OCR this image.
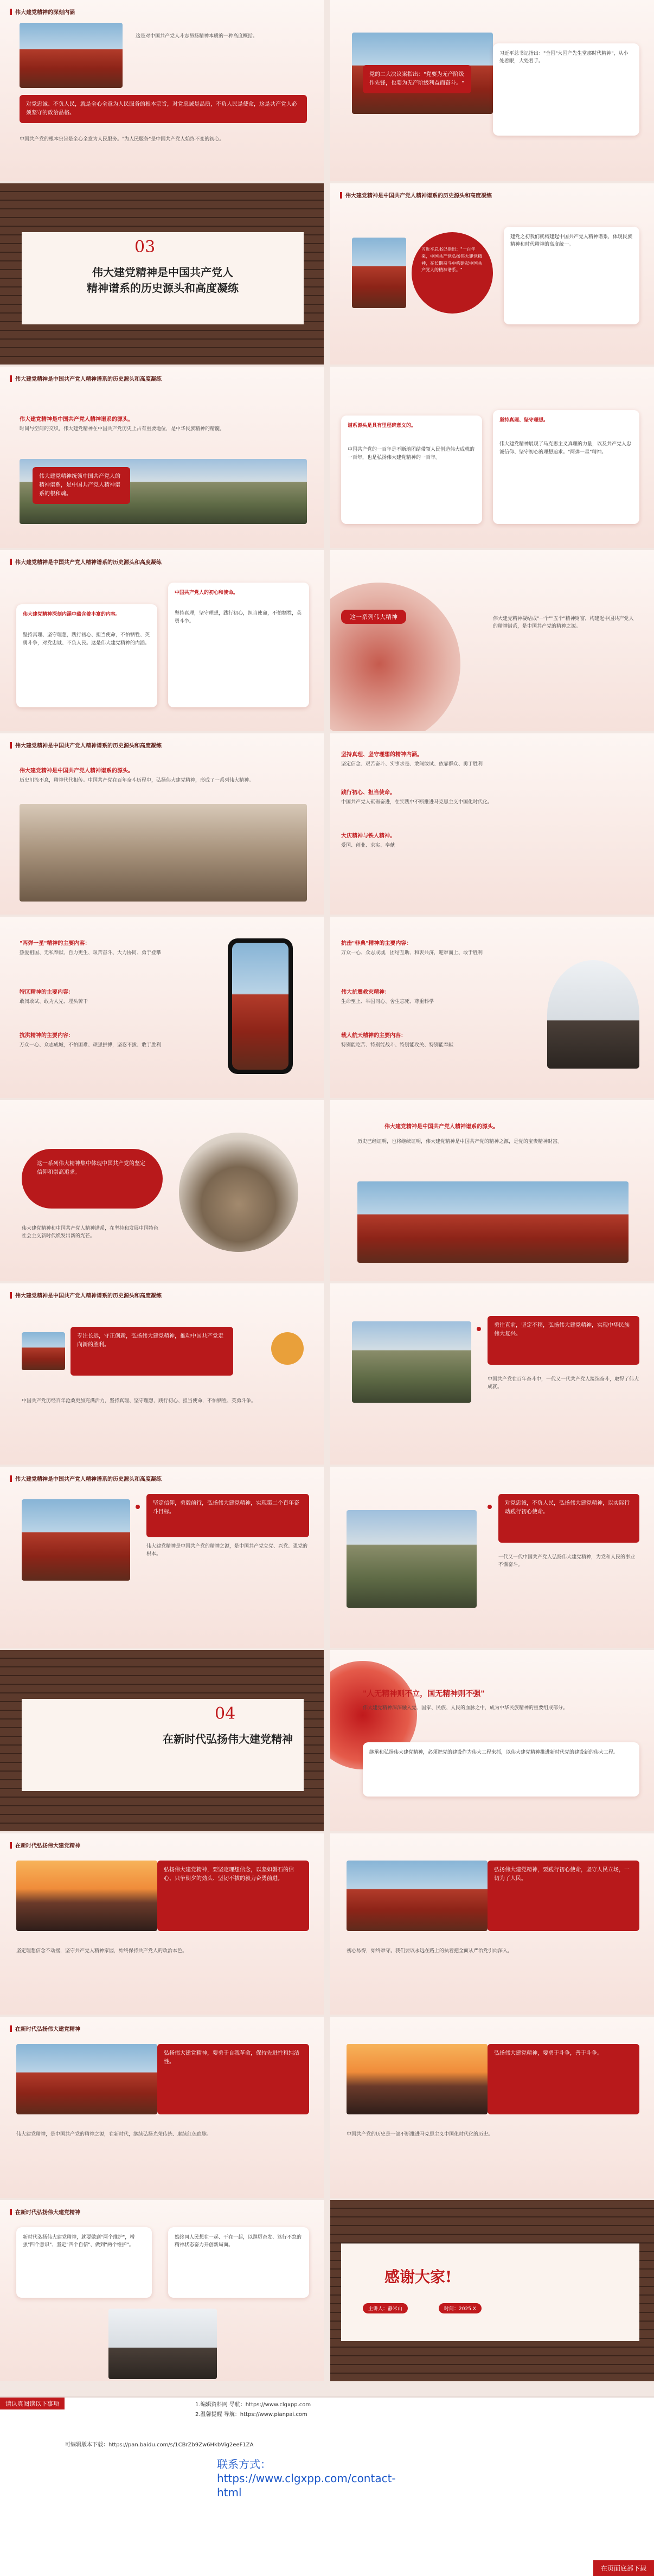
伟大建党精神的深刻内涵
这是对中国共产党人斗志昂扬精神本质的一种高度概括。
对党忠诚、不负人民，就是全心全意为人民服务的根本宗旨，对党忠诚是品质，不负人民是使命，这是共产党人必须坚守的政治品格。
中国共产党的根本宗旨是全心全意为人民服务。"为人民服务"是中国共产党人始终不变的初心。
党的二大决议案指出："党要为无产阶级作先锋，也要为无产阶级利益而奋斗。"
习近平总书记指出："全国"大国产先生堂那时代精神"，从小处着眼，大处着手。
03
伟大建党精神是中国共产党人
精神谱系的历史源头和高度凝练
伟大建党精神是中国共产党人精神谱系的历史源头和高度凝练
习近平总书记指出："一百年来，中国共产党弘扬伟大建党精神，在长期奋斗中构建起中国共产党人的精神谱系。"
建党之初我们就构建起中国共产党人精神谱系，体现民族精神和时代精神的高度统一。
伟大建党精神是中国共产党人精神谱系的历史源头和高度凝练
伟大建党精神是中国共产党人精神谱系的源头。
时间与空间的交织，伟大建党精神在中国共产党历史上占有重要地位，是中华民族精神的精髓。
伟大建党精神统领中国共产党人的精神谱系，是中国共产党人精神谱系的根和魂。
谱系源头是具有里程碑意义的。
中国共产党的一百年是不断地团结带领人民创造伟大成就的一百年，也是弘扬伟大建党精神的一百年。
坚持真理、坚守理想。
伟大建党精神展现了马克思主义真理的力量，以及共产党人忠诚信仰、坚守初心的理想追求。"两弹一星"精神。
伟大建党精神是中国共产党人精神谱系的历史源头和高度凝练
伟大建党精神深刻内涵中蕴含着丰富的内容。
坚持真理、坚守理想，践行初心、担当使命，不怕牺牲、英勇斗争，对党忠诚、不负人民。这是伟大建党精神的内涵。
中国共产党人的初心和使命。
坚持真理，坚守理想，践行初心，担当使命，不怕牺牲，英勇斗争。
这一系列伟大精神	伟大建党精神凝结成"一个""五个"精神财富，构建起中国共产党人的精神谱系，是中国共产党的精神之源。
伟大建党精神是中国共产党人精神谱系的历史源头和高度凝练
伟大建党精神是中国共产党人精神谱系的源头。
历史川流不息，精神代代相传。中国共产党在百年奋斗历程中，弘扬伟大建党精神，形成了一系列伟大精神。
坚持真理、坚守理想的精神内涵。
坚定信念、艰苦奋斗、实事求是、敢闯敢试、依靠群众、勇于胜利
践行初心、担当使命。
中国共产党人砥砺奋进，在实践中不断推进马克思主义中国化时代化。
大庆精神与铁人精神。
爱国、创业、求实、奉献
"两弹一星"精神的主要内容：
热爱祖国、无私奉献、自力更生、艰苦奋斗、大力协同、勇于登攀
特区精神的主要内容：
敢闯敢试、敢为人先、埋头苦干
抗洪精神的主要内容：
万众一心、众志成城，不怕困难、顽强拼搏，坚忍不拔、敢于胜利
抗击"非典"精神的主要内容：
万众一心、众志成城，团结互助、和衷共济，迎难而上、敢于胜利
伟大抗震救灾精神：
生命至上、举国同心、舍生忘死、尊重科学
载人航天精神的主要内容：
特别能吃苦、特别能战斗、特别能攻关、特别能奉献
这一系列伟大精神集中体现中国共产党的坚定信仰和崇高追求。
伟大建党精神和中国共产党人精神谱系，在坚持和发展中国特色社会主义新时代焕发出新的光芒。
伟大建党精神是中国共产党人精神谱系的源头。
历史已经证明，也将继续证明，伟大建党精神是中国共产党的精神之源，是党的宝贵精神财富。
伟大建党精神是中国共产党人精神谱系的历史源头和高度凝练
专注长远，守正创新，弘扬伟大建党精神，推动中国共产党走向新的胜利。
中国共产党历经百年沧桑更加充满活力，坚持真理、坚守理想，践行初心、担当使命，不怕牺牲、英勇斗争。
勇往直前，坚定不移，弘扬伟大建党精神，实现中华民族伟大复兴。
中国共产党在百年奋斗中，一代又一代共产党人接续奋斗，取得了伟大成就。
伟大建党精神是中国共产党人精神谱系的历史源头和高度凝练
坚定信仰，勇毅前行，弘扬伟大建党精神，实现第二个百年奋斗目标。
伟大建党精神是中国共产党的精神之源，是中国共产党立党、兴党、强党的根本。
对党忠诚，不负人民，弘扬伟大建党精神，以实际行动践行初心使命。
一代又一代中国共产党人弘扬伟大建党精神，为党和人民的事业不懈奋斗。
04
在新时代弘扬伟大建党精神
"人无精神则不立，国无精神则不强"
伟大建党精神深深融入党、国家、民族、人民的血脉之中，成为中华民族精神的重要组成部分。
继承和弘扬伟大建党精神，必须把党的建设作为伟大工程来抓，以伟大建党精神推进新时代党的建设新的伟大工程。
在新时代弘扬伟大建党精神
弘扬伟大建党精神，要坚定理想信念，以坚如磐石的信心、只争朝夕的劲头、坚韧不拔的毅力奋勇前进。
坚定理想信念不动摇，坚守共产党人精神家园，始终保持共产党人的政治本色。
弘扬伟大建党精神，要践行初心使命，坚守人民立场，一切为了人民。
初心易得，始终难守。我们要以永远在路上的执着把全面从严治党引向深入。
在新时代弘扬伟大建党精神
弘扬伟大建党精神，要勇于自我革命，保持先进性和纯洁性。
伟大建党精神，是中国共产党的精神之源，在新时代，继续弘扬光荣传统、赓续红色血脉。
弘扬伟大建党精神，要勇于斗争，善于斗争。
中国共产党的历史是一部不断推进马克思主义中国化时代化的历史。
在新时代弘扬伟大建党精神
新时代弘扬伟大建党精神，就要做到"两个维护"，增强"四个意识"、坚定"四个自信"、做到"两个维护"。
始终同人民想在一起、干在一起，以踔厉奋发、笃行不怠的精神状态奋力开创新局面。
感谢大家!
主讲人：静米山	时间：2025.X
请认真阅读以下事项	1.编辑资料网 导航：https://www.clgxpp.com
2.温馨提醒 导航：https://www.pianpai.com
可编辑版本下载：https://pan.baidu.com/s/1CBrZb9Zw6HkbVig2eeF1ZA
联系方式：https://www.clgxpp.com/contact-html
在页面底部下载
